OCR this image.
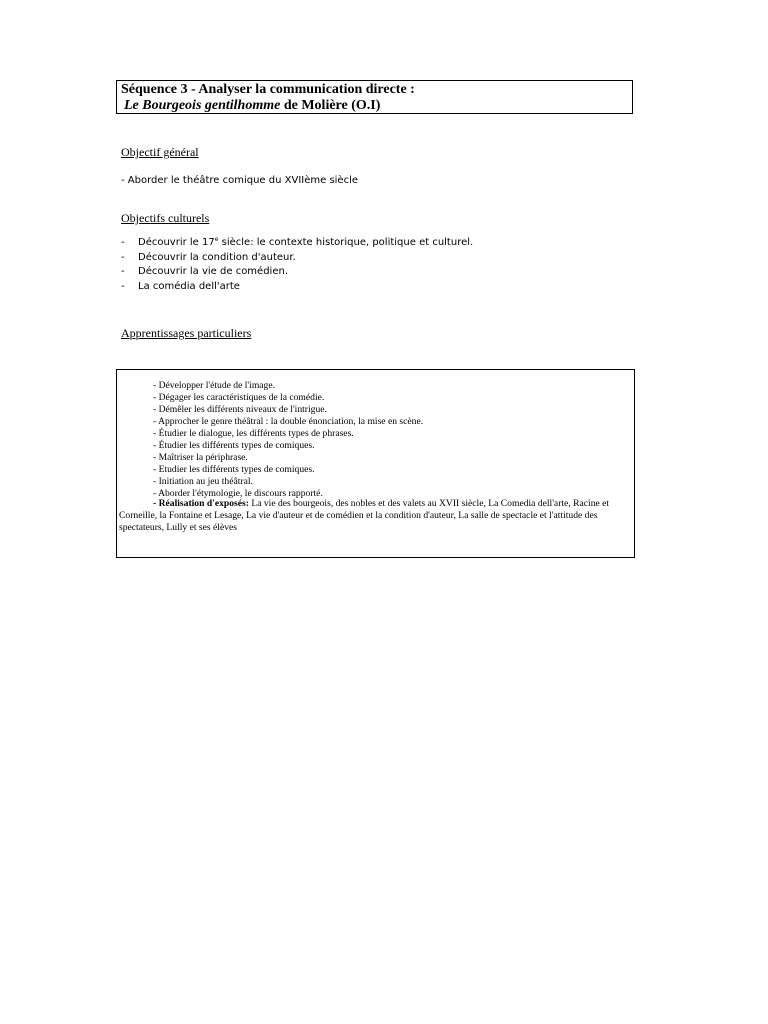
Séquence 3 - Analyser la communication directe :
Le Bourgeois gentilhomme de Molière (O.I)
Objectif général
- Aborder le théâtre comique du XVIIème siècle
Objectifs culturels
-	Découvrir le 17e siècle: le contexte historique, politique et culturel.
-	Découvrir la condition d'auteur.
-	Découvrir la vie de comédien.
-	La comédia dell'arte
Apprentissages particuliers
- Développer l'étude de l'image.
- Dégager les caractéristiques de la comédie.
- Démêler les différents niveaux de l'intrigue.
- Approcher le genre théâtral : la double énonciation, la mise en scène.
- Étudier le dialogue, les différents types de phrases.
- Étudier les différents types de comiques.
- Maîtriser la périphrase.
- Etudier les différents types de comiques.
- Initiation au jeu théâtral.
- Aborder l'étymologie, le discours rapporté.

- Réalisation d'exposés: La vie des bourgeois, des nobles et des valets au XVII siècle, La Comedia dell'arte, Racine et Corneille, la Fontaine et Lesage, La vie d'auteur et de comédien et la condition d'auteur, La salle de spectacle et l'attitude des spectateurs, Lully et ses élèves
